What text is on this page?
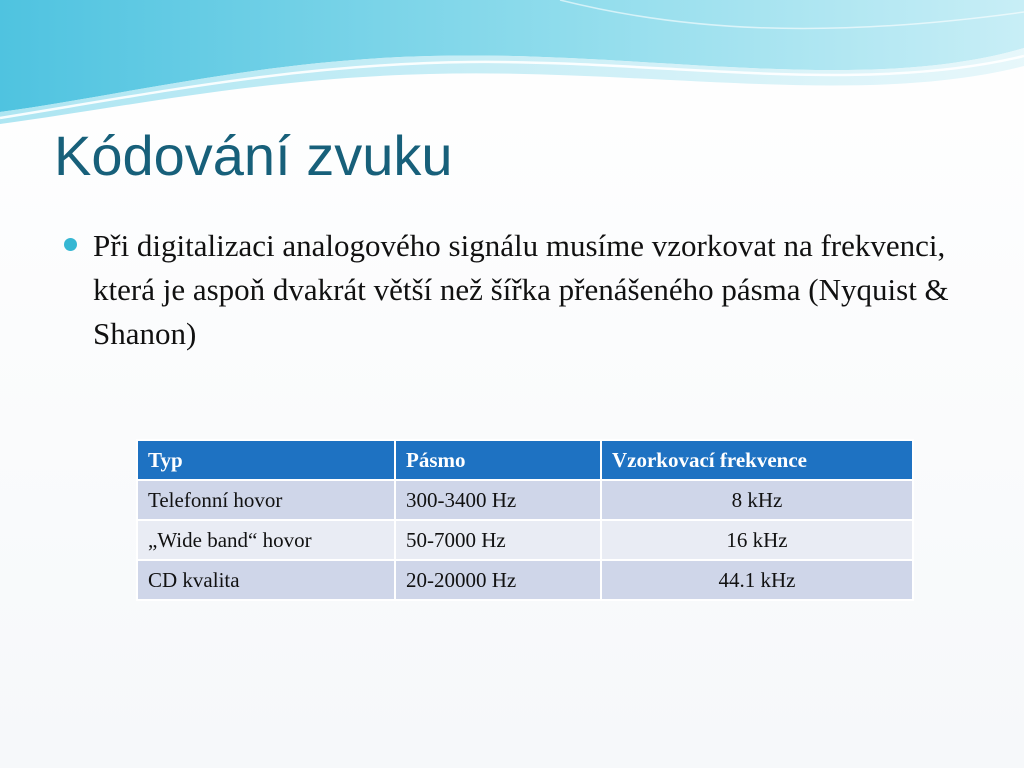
Kódování zvuku

Při digitalizaci analogového signálu musíme vzorkovat na frekvenci, která je aspoň dvakrát větší než šířka přenášeného pásma (Nyquist & Shanon)

Typ	Pásmo	Vzorkovací frekvence
Telefonní hovor	300-3400 Hz	8 kHz
„Wide band“ hovor	50-7000 Hz	16 kHz
CD kvalita	20-20000 Hz	44.1 kHz
